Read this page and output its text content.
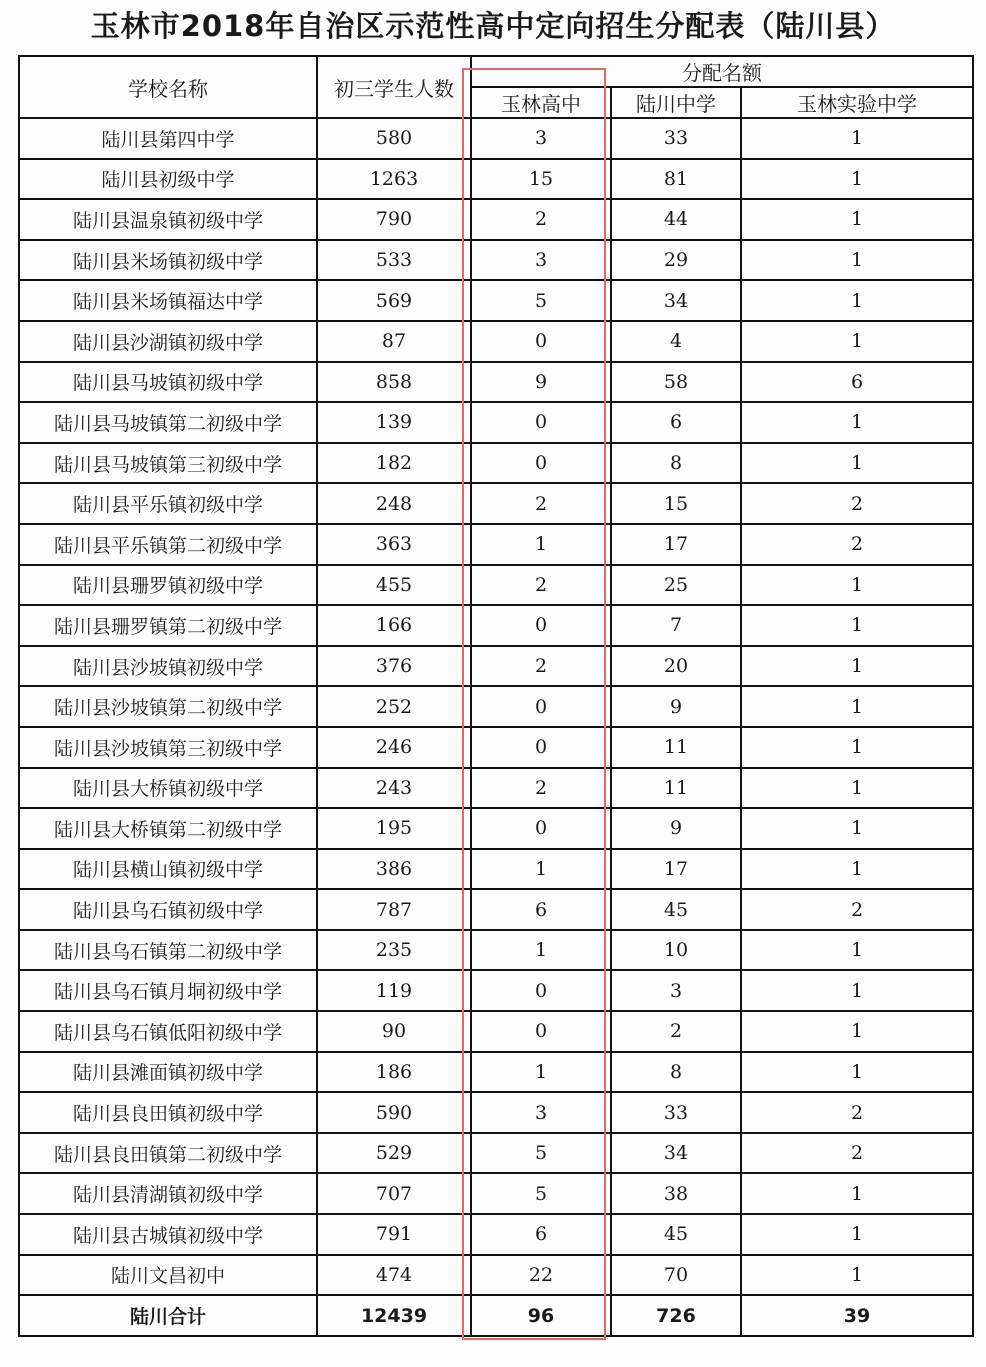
玉林市2018年自治区示范性高中定向招生分配表（陆川县）
学校名称	初三学生人数	分配名额		
		玉林高中	陆川中学	玉林实验中学
陆川县第四中学	580	3	33	1
陆川县初级中学	1263	15	81	1
陆川县温泉镇初级中学	790	2	44	1
陆川县米场镇初级中学	533	3	29	1
陆川县米场镇福达中学	569	5	34	1
陆川县沙湖镇初级中学	87	0	4	1
陆川县马坡镇初级中学	858	9	58	6
陆川县马坡镇第二初级中学	139	0	6	1
陆川县马坡镇第三初级中学	182	0	8	1
陆川县平乐镇初级中学	248	2	15	2
陆川县平乐镇第二初级中学	363	1	17	2
陆川县珊罗镇初级中学	455	2	25	1
陆川县珊罗镇第二初级中学	166	0	7	1
陆川县沙坡镇初级中学	376	2	20	1
陆川县沙坡镇第二初级中学	252	0	9	1
陆川县沙坡镇第三初级中学	246	0	11	1
陆川县大桥镇初级中学	243	2	11	1
陆川县大桥镇第二初级中学	195	0	9	1
陆川县横山镇初级中学	386	1	17	1
陆川县乌石镇初级中学	787	6	45	2
陆川县乌石镇第二初级中学	235	1	10	1
陆川县乌石镇月垌初级中学	119	0	3	1
陆川县乌石镇低阳初级中学	90	0	2	1
陆川县滩面镇初级中学	186	1	8	1
陆川县良田镇初级中学	590	3	33	2
陆川县良田镇第二初级中学	529	5	34	2
陆川县清湖镇初级中学	707	5	38	1
陆川县古城镇初级中学	791	6	45	1
陆川文昌初中	474	22	70	1
陆川合计	12439	96	726	39
